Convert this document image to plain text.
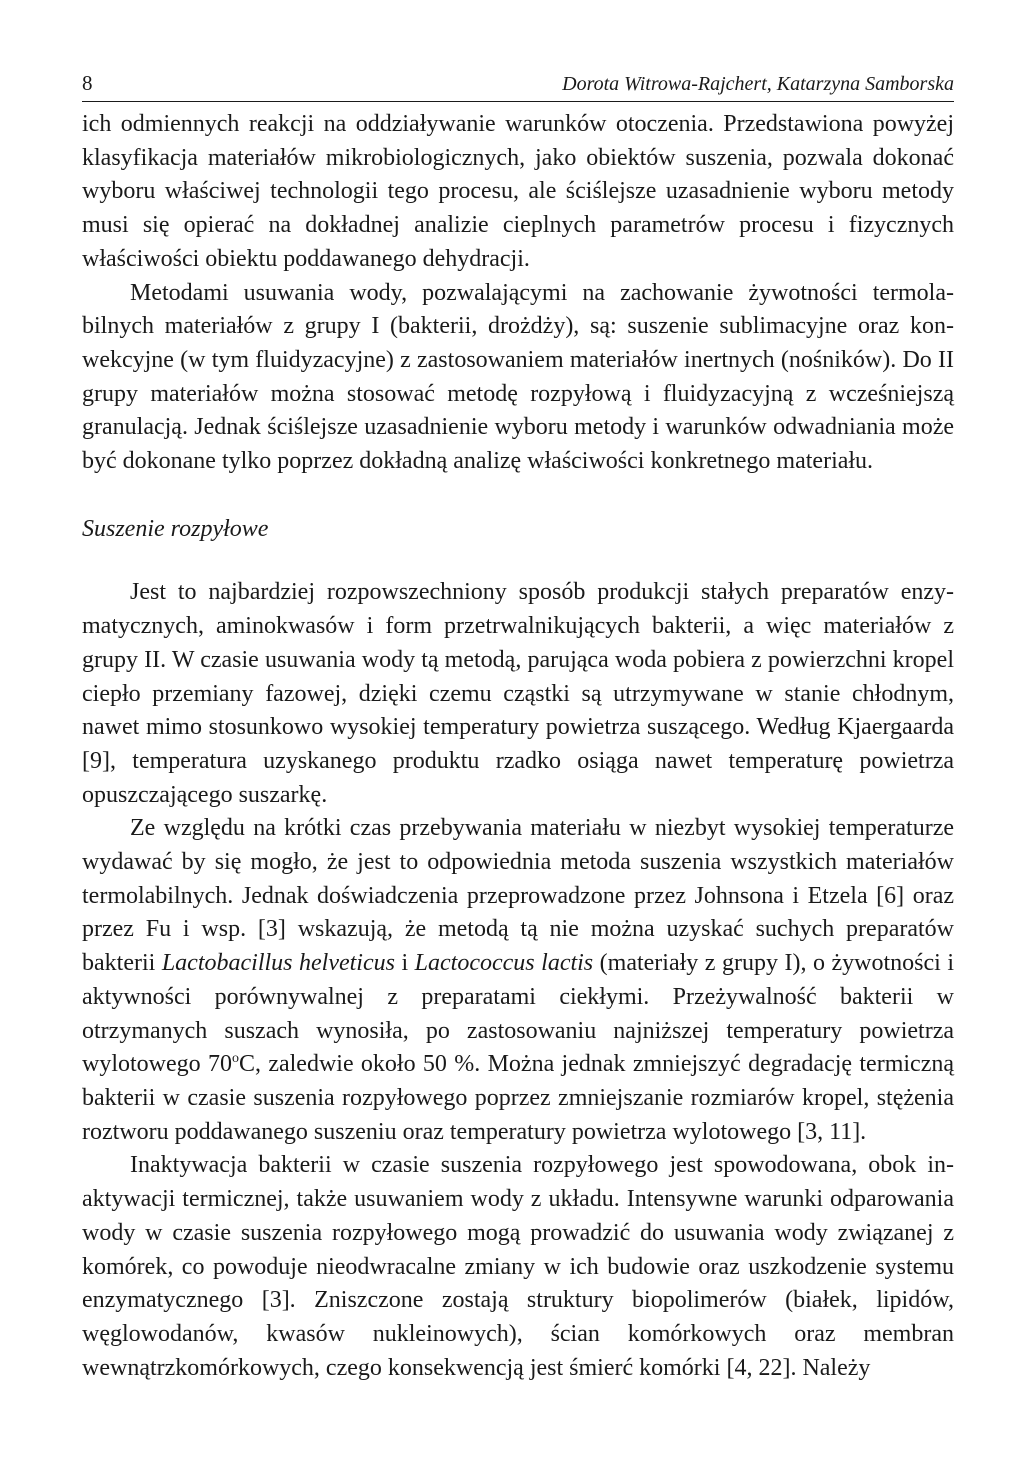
8	Dorota Witrowa-Rajchert, Katarzyna Samborska

ich odmiennych reakcji na oddziaływanie warunków otoczenia. Przedstawiona powyżej klasyfikacja materiałów mikrobiologicznych, jako obiektów suszenia, pozwala dokonać wyboru właściwej technologii tego procesu, ale ściślejsze uzasadnienie wyboru metody musi się opierać na dokładnej analizie cieplnych parametrów procesu i fizycznych właściwości obiektu poddawanego dehydracji.

Metodami usuwania wody, pozwalającymi na zachowanie żywotności termolabilnych materiałów z grupy I (bakterii, drożdży), są: suszenie sublimacyjne oraz konwekcyjne (w tym fluidyzacyjne) z zastosowaniem materiałów inertnych (nośników). Do II grupy materiałów można stosować metodę rozpyłową i fluidyzacyjną z wcześniejszą granulacją. Jednak ściślejsze uzasadnienie wyboru metody i warunków odwadniania może być dokonane tylko poprzez dokładną analizę właściwości konkretnego materiału.

Suszenie rozpyłowe

Jest to najbardziej rozpowszechniony sposób produkcji stałych preparatów enzymatycznych, aminokwasów i form przetrwalnikujących bakterii, a więc materiałów z grupy II. W czasie usuwania wody tą metodą, parująca woda pobiera z powierzchni kropel ciepło przemiany fazowej, dzięki czemu cząstki są utrzymywane w stanie chłodnym, nawet mimo stosunkowo wysokiej temperatury powietrza suszącego. Według Kjaergaarda [9], temperatura uzyskanego produktu rzadko osiąga nawet temperaturę powietrza opuszczającego suszarkę.

Ze względu na krótki czas przebywania materiału w niezbyt wysokiej temperaturze wydawać by się mogło, że jest to odpowiednia metoda suszenia wszystkich materiałów termolabilnych. Jednak doświadczenia przeprowadzone przez Johnsona i Etzela [6] oraz przez Fu i wsp. [3] wskazują, że metodą tą nie można uzyskać suchych preparatów bakterii Lactobacillus helveticus i Lactococcus lactis (materiały z grupy I), o żywotności i aktywności porównywalnej z preparatami ciekłymi. Przeżywalność bakterii w otrzymanych suszach wynosiła, po zastosowaniu najniższej temperatury powietrza wylotowego 70$^o$C, zaledwie około 50 %. Można jednak zmniejszyć degradację termiczną bakterii w czasie suszenia rozpyłowego poprzez zmniejszanie rozmiarów kropel, stężenia roztworu poddawanego suszeniu oraz temperatury powietrza wylotowego [3, 11].

Inaktywacja bakterii w czasie suszenia rozpyłowego jest spowodowana, obok inaktywacji termicznej, także usuwaniem wody z układu. Intensywne warunki odparowania wody w czasie suszenia rozpyłowego mogą prowadzić do usuwania wody związanej z komórek, co powoduje nieodwracalne zmiany w ich budowie oraz uszkodzenie systemu enzymatycznego [3]. Zniszczone zostają struktury biopolimerów (białek, lipidów, węglowodanów, kwasów nukleinowych), ścian komórkowych oraz membran wewnątrzkomórkowych, czego konsekwencją jest śmierć komórki [4, 22]. Należy
